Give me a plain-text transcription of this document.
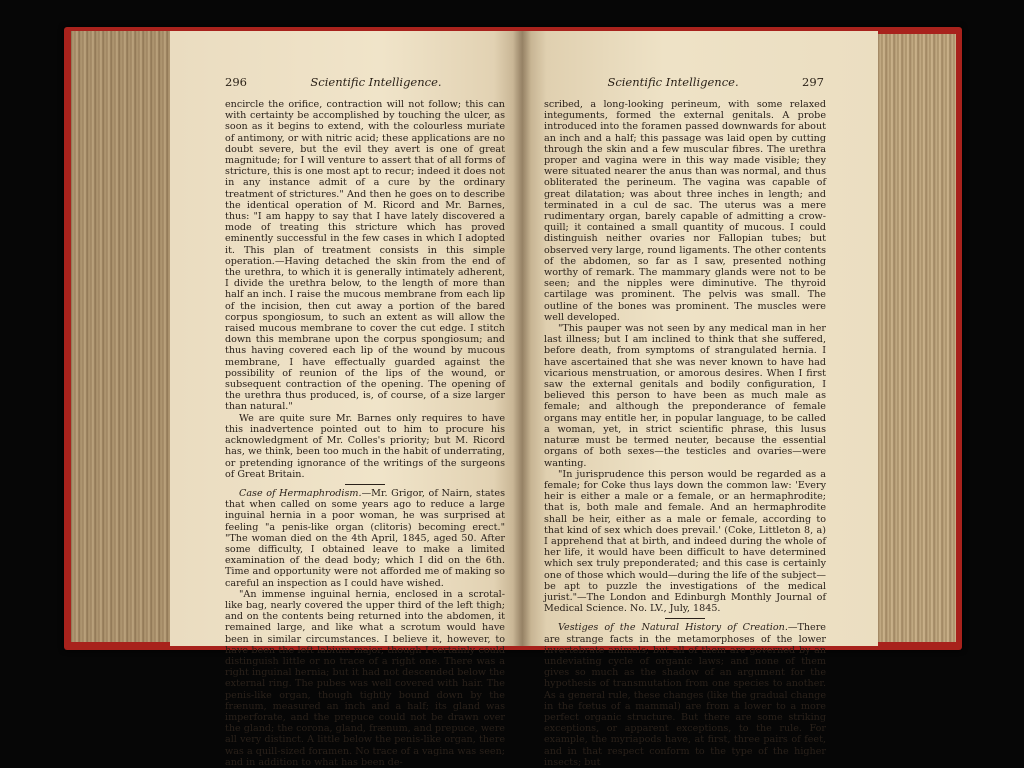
296	Scientific Intelligence.

encircle the orifice, contraction will not follow; this can with certainty be accomplished by touching the ulcer, as soon as it begins to extend, with the colourless muriate of antimony, or with nitric acid; these applications are no doubt severe, but the evil they avert is one of great magnitude; for I will venture to assert that of all forms of stricture, this is one most apt to recur; indeed it does not in any instance admit of a cure by the ordinary treatment of strictures." And then he goes on to describe the identical operation of M. Ricord and Mr. Barnes, thus: "I am happy to say that I have lately discovered a mode of treating this stricture which has proved eminently successful in the few cases in which I adopted it. This plan of treatment consists in this simple operation.—Having detached the skin from the end of the urethra, to which it is generally intimately adherent, I divide the urethra below, to the length of more than half an inch. I raise the mucous membrane from each lip of the incision, then cut away a portion of the bared corpus spongiosum, to such an extent as will allow the raised mucous membrane to cover the cut edge. I stitch down this membrane upon the corpus spongiosum; and thus having covered each lip of the wound by mucous membrane, I have effectually guarded against the possibility of reunion of the lips of the wound, or subsequent contraction of the opening. The opening of the urethra thus produced, is, of course, of a size larger than natural."

We are quite sure Mr. Barnes only requires to have this inadvertence pointed out to him to procure his acknowledgment of Mr. Colles's priority; but M. Ricord has, we think, been too much in the habit of underrating, or pretending ignorance of the writings of the surgeons of Great Britain.

Case of Hermaphrodism.—Mr. Grigor, of Nairn, states that when called on some years ago to reduce a large inguinal hernia in a poor woman, he was surprised at feeling "a penis-like organ (clitoris) becoming erect." "The woman died on the 4th April, 1845, aged 50. After some difficulty, I obtained leave to make a limited examination of the dead body; which I did on the 6th. Time and opportunity were not afforded me of making so careful an inspection as I could have wished.

"An immense inguinal hernia, enclosed in a scrotal-like bag, nearly covered the upper third of the left thigh; and on the contents being returned into the abdomen, it remained large, and like what a scrotum would have been in similar circumstances. I believe it, however, to have been the left labium major, though I certainly could distinguish little or no trace of a right one. There was a right inguinal hernia; but it had not descended below the external ring. The pubes was well covered with hair. The penis-like organ, though tightly bound down by the frænum, measured an inch and a half; its gland was imperforate, and the prepuce could not be drawn over the gland; the corona, gland, frænum, and prepuce, were all very distinct. A little below the penis-like organ, there was a quill-sized foramen. No trace of a vagina was seen; and in addition to what has been de-

Scientific Intelligence.	297

scribed, a long-looking perineum, with some relaxed integuments, formed the external genitals. A probe introduced into the foramen passed downwards for about an inch and a half; this passage was laid open by cutting through the skin and a few muscular fibres. The urethra proper and vagina were in this way made visible; they were situated nearer the anus than was normal, and thus obliterated the perineum. The vagina was capable of great dilatation; was about three inches in length; and terminated in a cul de sac. The uterus was a mere rudimentary organ, barely capable of admitting a crow-quill; it contained a small quantity of mucous. I could distinguish neither ovaries nor Fallopian tubes; but observed very large, round ligaments. The other contents of the abdomen, so far as I saw, presented nothing worthy of remark. The mammary glands were not to be seen; and the nipples were diminutive. The thyroid cartilage was prominent. The pelvis was small. The outline of the bones was prominent. The muscles were well developed.

"This pauper was not seen by any medical man in her last illness; but I am inclined to think that she suffered, before death, from symptoms of strangulated hernia. I have ascertained that she was never known to have had vicarious menstruation, or amorous desires. When I first saw the external genitals and bodily configuration, I believed this person to have been as much male as female; and although the preponderance of female organs may entitle her, in popular language, to be called a woman, yet, in strict scientific phrase, this lusus naturæ must be termed neuter, because the essential organs of both sexes—the testicles and ovaries—were wanting.

"In jurisprudence this person would be regarded as a female; for Coke thus lays down the common law: 'Every heir is either a male or a female, or an hermaphrodite; that is, both male and female. And an hermaphrodite shall be heir, either as a male or female, according to that kind of sex which does prevail.' (Coke, Littleton 8, a) I apprehend that at birth, and indeed during the whole of her life, it would have been difficult to have determined which sex truly preponderated; and this case is certainly one of those which would—during the life of the subject—be apt to puzzle the investigations of the medical jurist."—The London and Edinburgh Monthly Journal of Medical Science. No. LV., July, 1845.

Vestiges of the Natural History of Creation.—There are strange facts in the metamorphoses of the lower invertebrate animals; but all of them are governed by an undeviating cycle of organic laws; and none of them gives so much as the shadow of an argument for the hypothesis of transmutation from one species to another. As a general rule, these changes (like the gradual change in the fœtus of a mammal) are from a lower to a more perfect organic structure. But there are some striking exceptions, or apparent exceptions, to the rule. For example, the myriapods have, at first, three pairs of feet, and in that respect conform to the type of the higher insects; but
